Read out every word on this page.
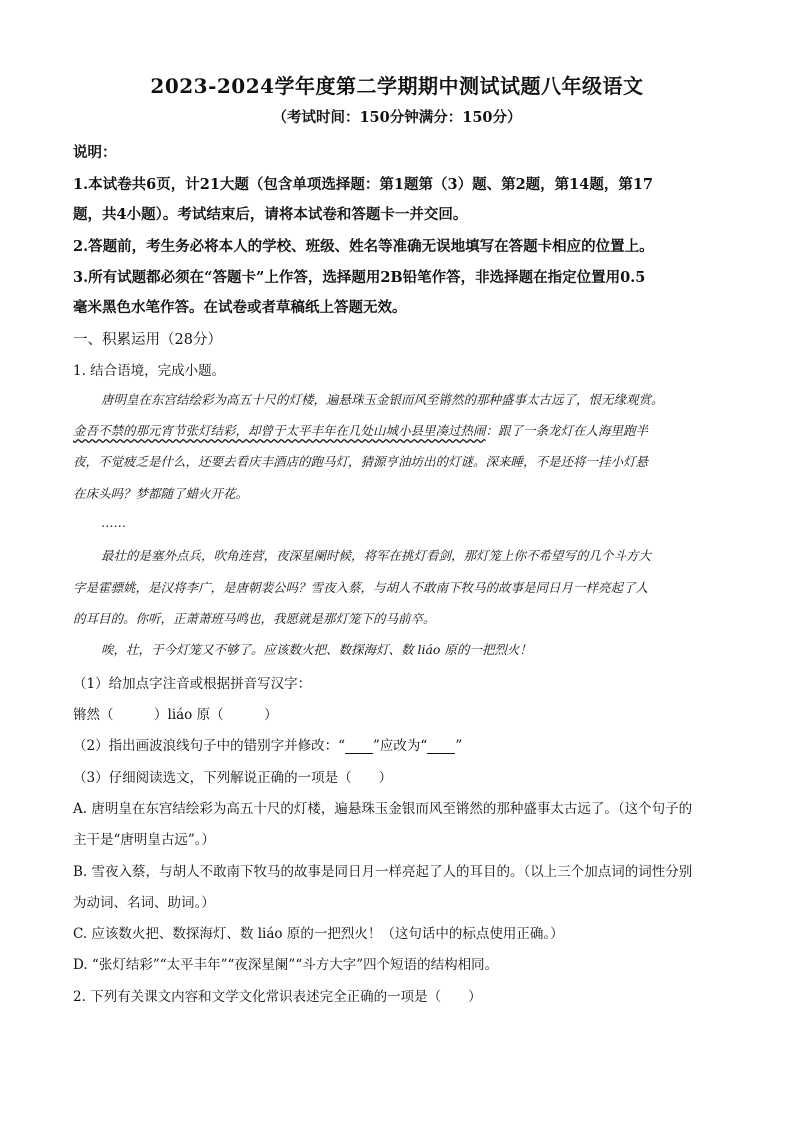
2023-2024学年度第二学期期中测试试题八年级语文
（考试时间：150分钟满分：150分）
说明：
1.本试卷共6页，计21大题（包含单项选择题：第1题第（3）题、第2题，第14题，第17
题，共4小题）。考试结束后，请将本试卷和答题卡一并交回。
2.答题前，考生务必将本人的学校、班级、姓名等准确无误地填写在答题卡相应的位置上。
3.所有试题都必须在“答题卡”上作答，选择题用2B铅笔作答，非选择题在指定位置用0.5
毫米黑色水笔作答。在试卷或者草稿纸上答题无效。
一、积累运用（28分）
1. 结合语境，完成小题。
唐明皇在东宫结绘彩为高五十尺的灯楼，遍悬珠玉金银而风至锵然的那种盛事太古远了，恨无缘观赏。
金吾不禁的那元宵节张灯结彩，却曾于太平丰年在几处山城小县里凑过热闹：跟了一条龙灯在人海里跑半
夜，不觉疲乏是什么，还要去看庆丰酒店的跑马灯，猜源亨油坊出的灯谜。深来睡，不是还将一挂小灯悬
在床头吗？梦都随了蜡火开花。
……
最壮的是塞外点兵，吹角连营，夜深星阑时候，将军在挑灯看剑，那灯笼上你不希望写的几个斗方大
字是霍骠姚，是汉将李广，是唐朝裴公吗？雪夜入蔡，与胡人不敢南下牧马的故事是同日月一样亮起了人
的耳目的。你听，正萧萧班马鸣也，我愿就是那灯笼下的马前卒。
唉，壮，于今灯笼又不够了。应该数火把、数探海灯、数 liáo 原的一把烈火！
（1）给加点字注音或根据拼音写汉字：
锵然（　　　）liáo 原（　　　）
（2）指出画波浪线句子中的错别字并修改：“ ”应改为“ ”
（3）仔细阅读选文，下列解说正确的一项是（　　）
A. 唐明皇在东宫结绘彩为高五十尺的灯楼，遍悬珠玉金银而风至锵然的那种盛事太古远了。（这个句子的
主干是“唐明皇古远”。）
B. 雪夜入蔡，与胡人不敢南下牧马的故事是同日月一样亮起了人的耳目的。（以上三个加点词的词性分别
为动词、名词、助词。）
C. 应该数火把、数探海灯、数 liáo 原的一把烈火！（这句话中的标点使用正确。）
D. “张灯结彩”“太平丰年”“夜深星阑”“斗方大字”四个短语的结构相同。
2. 下列有关课文内容和文学文化常识表述完全正确的一项是（　　）
